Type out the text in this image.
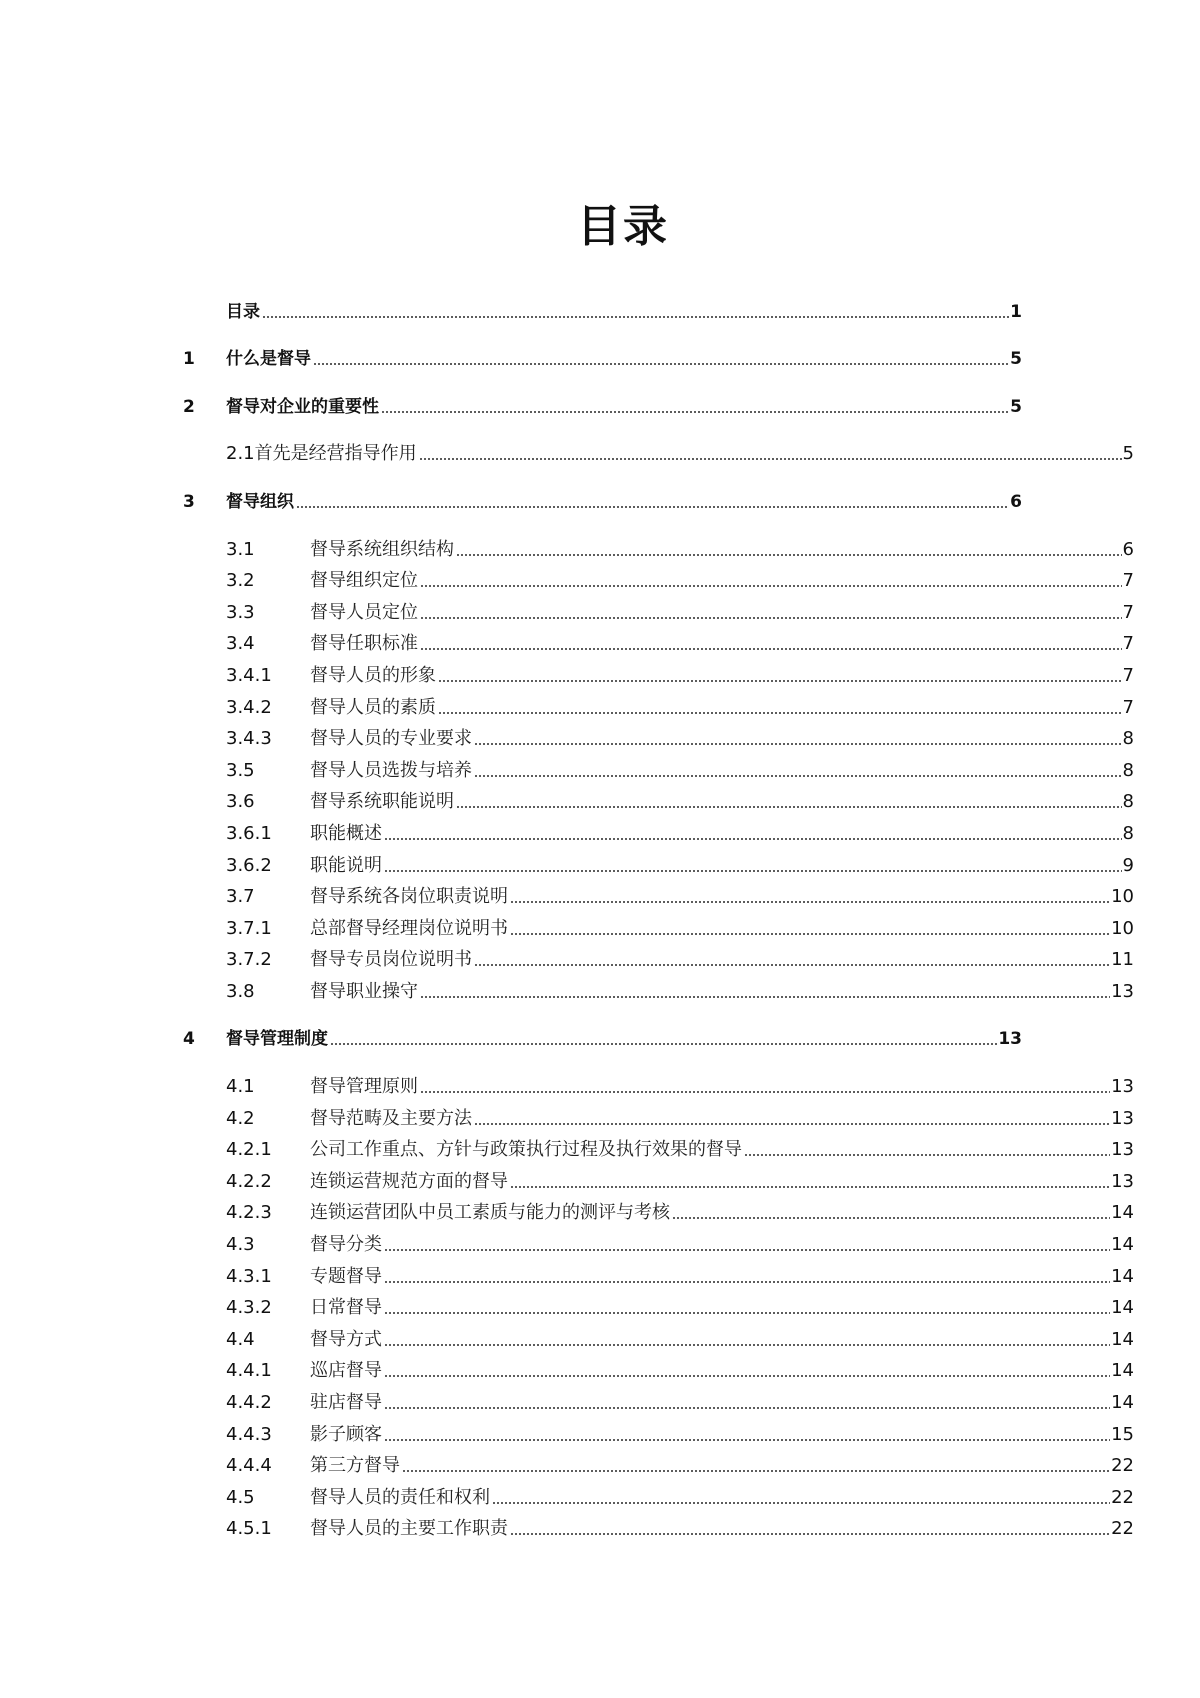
目录
目录	1
1	什么是督导	5
2	督导对企业的重要性	5
2.1 首先是经营指导作用	5
3	督导组织	6
3.1	督导系统组织结构	6
3.2	督导组织定位	7
3.3	督导人员定位	7
3.4	督导任职标准	7
3.4.1	督导人员的形象	7
3.4.2	督导人员的素质	7
3.4.3	督导人员的专业要求	8
3.5	督导人员选拨与培养	8
3.6	督导系统职能说明	8
3.6.1	职能概述	8
3.6.2	职能说明	9
3.7	督导系统各岗位职责说明	10
3.7.1	总部督导经理岗位说明书	10
3.7.2	督导专员岗位说明书	11
3.8	督导职业操守	13
4	督导管理制度	13
4.1	督导管理原则	13
4.2	督导范畴及主要方法	13
4.2.1	公司工作重点、方针与政策执行过程及执行效果的督导	13
4.2.2	连锁运营规范方面的督导	13
4.2.3	连锁运营团队中员工素质与能力的测评与考核	14
4.3	督导分类	14
4.3.1	专题督导	14
4.3.2	日常督导	14
4.4	督导方式	14
4.4.1	巡店督导	14
4.4.2	驻店督导	14
4.4.3	影子顾客	15
4.4.4	第三方督导	22
4.5	督导人员的责任和权利	22
4.5.1	督导人员的主要工作职责	22
